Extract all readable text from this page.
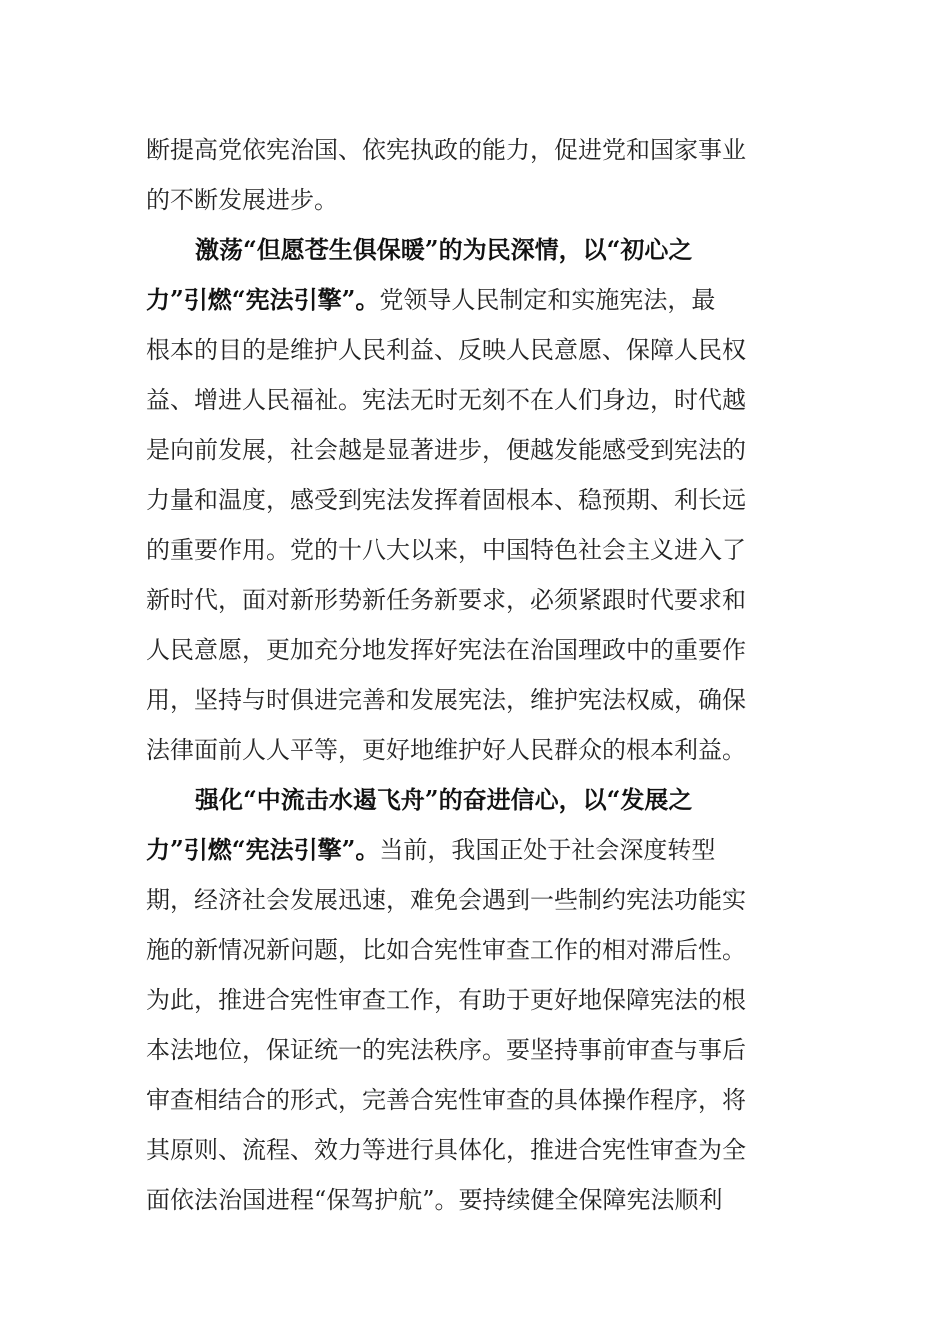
断提高党依宪治国、依宪执政的能力，促进党和国家事业
的不断发展进步。
激荡“但愿苍生俱保暖”的为民深情，以“初心之
力”引燃“宪法引擎”。党领导人民制定和实施宪法，最
根本的目的是维护人民利益、反映人民意愿、保障人民权
益、增进人民福祉。宪法无时无刻不在人们身边，时代越
是向前发展，社会越是显著进步，便越发能感受到宪法的
力量和温度，感受到宪法发挥着固根本、稳预期、利长远
的重要作用。党的十八大以来，中国特色社会主义进入了
新时代，面对新形势新任务新要求，必须紧跟时代要求和
人民意愿，更加充分地发挥好宪法在治国理政中的重要作
用，坚持与时俱进完善和发展宪法，维护宪法权威，确保
法律面前人人平等，更好地维护好人民群众的根本利益。
强化“中流击水遏飞舟”的奋进信心，以“发展之
力”引燃“宪法引擎”。当前，我国正处于社会深度转型
期，经济社会发展迅速，难免会遇到一些制约宪法功能实
施的新情况新问题，比如合宪性审查工作的相对滞后性。
为此，推进合宪性审查工作，有助于更好地保障宪法的根
本法地位，保证统一的宪法秩序。要坚持事前审查与事后
审查相结合的形式，完善合宪性审查的具体操作程序，将
其原则、流程、效力等进行具体化，推进合宪性审查为全
面依法治国进程“保驾护航”。要持续健全保障宪法顺利
